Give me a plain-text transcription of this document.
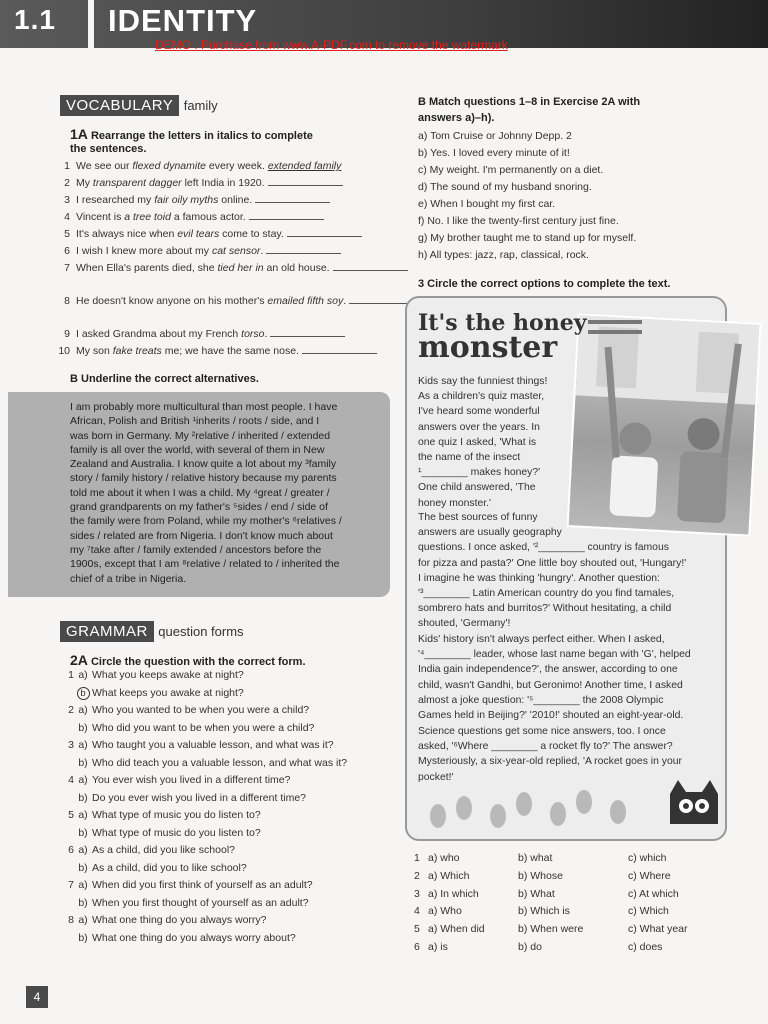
1.1 IDENTITY
DEMO : Purchase from www.A-PDF.com to remove the watermark
VOCABULARY family
1A Rearrange the letters in italics to complete
the sentences.
1 We see our flexed dynamite every week. extended family
2 My transparent dagger left India in 1920.
3 I researched my fair oily myths online.
4 Vincent is a tree toid a famous actor.
5 It's always nice when evil tears come to stay.
6 I wish I knew more about my cat sensor.
7 When Ella's parents died, she tied her in an old house.
8 He doesn't know anyone on his mother's emailed fifth soy.
9 I asked Grandma about my French torso.
10 My son fake treats me; we have the same nose.
B Underline the correct alternatives.
I am probably more multicultural than most people. I have
African, Polish and British ¹inherits / roots / side, and I
was born in Germany. My ²relative / inherited / extended
family is all over the world, with several of them in New
Zealand and Australia. I know quite a lot about my ³family
story / family history / relative history because my parents
told me about it when I was a child. My ⁴great / greater /
grand grandparents on my father's ⁵sides / end / side of
the family were from Poland, while my mother's ⁶relatives /
sides / related are from Nigeria. I don't know much about
my ⁷take after / family extended / ancestors before the
1900s, except that I am ⁸relative / related to / inherited the
chief of a tribe in Nigeria.
GRAMMAR question forms
2A Circle the question with the correct form.
1 a) What you keeps awake at night?
b What keeps you awake at night?
2 a) Who you wanted to be when you were a child?
b) Who did you want to be when you were a child?
3 a) Who taught you a valuable lesson, and what was it?
b) Who did teach you a valuable lesson, and what was it?
4 a) You ever wish you lived in a different time?
b) Do you ever wish you lived in a different time?
5 a) What type of music you do listen to?
b) What type of music do you listen to?
6 a) As a child, did you like school?
b) As a child, did you to like school?
7 a) When did you first think of yourself as an adult?
b) When you first thought of yourself as an adult?
8 a) What one thing do you always worry?
b) What one thing do you always worry about?
B Match questions 1–8 in Exercise 2A with
answers a)–h).
a) Tom Cruise or Johnny Depp. 2
b) Yes. I loved every minute of it!
c) My weight. I'm permanently on a diet.
d) The sound of my husband snoring.
e) When I bought my first car.
f) No. I like the twenty-first century just fine.
g) My brother taught me to stand up for myself.
h) All types: jazz, rap, classical, rock.
3 Circle the correct options to complete the text.
It's the honey
monster
Kids say the funniest things!
As a children's quiz master,
I've heard some wonderful
answers over the years. In
one quiz I asked, 'What is
the name of the insect
¹________ makes honey?'
One child answered, 'The
honey monster.'
The best sources of funny
answers are usually geography
questions. I once asked, '²________ country is famous
for pizza and pasta?' One little boy shouted out, 'Hungary!'
I imagine he was thinking 'hungry'. Another question:
'³________ Latin American country do you find tamales,
sombrero hats and burritos?' Without hesitating, a child
shouted, 'Germany'!
Kids' history isn't always perfect either. When I asked,
'⁴________ leader, whose last name began with 'G', helped
India gain independence?', the answer, according to one
child, wasn't Gandhi, but Geronimo! Another time, I asked
almost a joke question: '⁵________ the 2008 Olympic
Games held in Beijing?' '2010!' shouted an eight-year-old.
Science questions get some nice answers, too. I once
asked, '⁶Where ________ a rocket fly to?' The answer?
Mysteriously, a six-year-old replied, 'A rocket goes in your
pocket!'
1 a) who	b) what	c) which
2 a) Which	b) Whose	c) Where
3 a) In which	b) What	c) At which
4 a) Who	b) Which is	c) Which
5 a) When did	b) When were	c) What year
6 a) is	b) do	c) does
4
